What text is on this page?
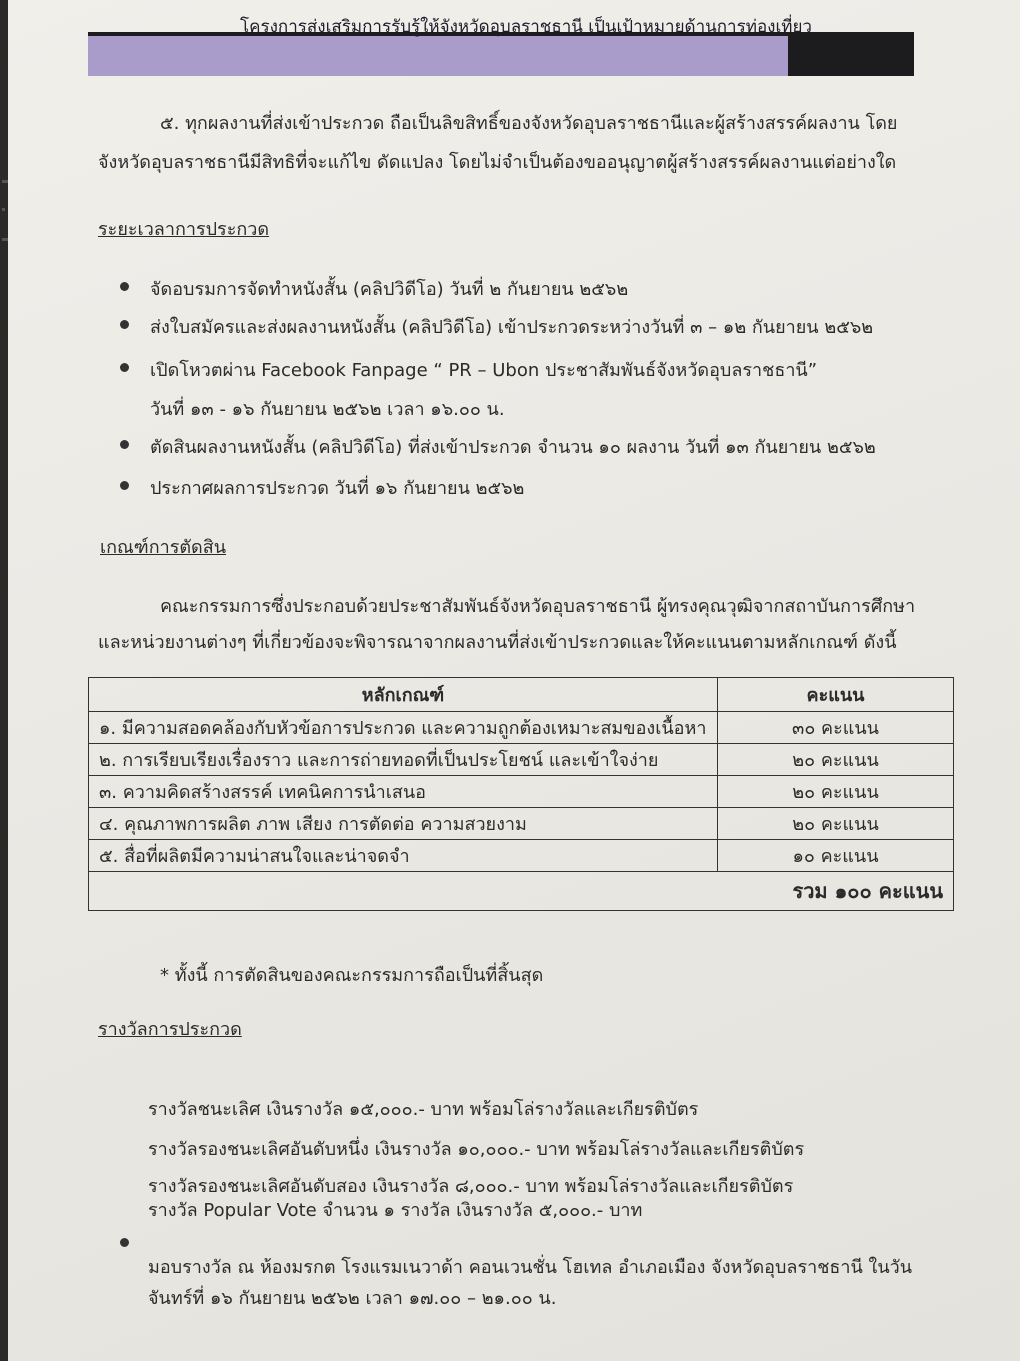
โครงการส่งเสริมการรับรู้ให้จังหวัดอุบลราชธานี เป็นเป้าหมายด้านการท่องเที่ยว
๕. ทุกผลงานที่ส่งเข้าประกวด ถือเป็นลิขสิทธิ์ของจังหวัดอุบลราชธานีและผู้สร้างสรรค์ผลงาน โดย
จังหวัดอุบลราชธานีมีสิทธิที่จะแก้ไข ดัดแปลง โดยไม่จำเป็นต้องขออนุญาตผู้สร้างสรรค์ผลงานแต่อย่างใด
ระยะเวลาการประกวด
จัดอบรมการจัดทำหนังสั้น (คลิปวิดีโอ) วันที่ ๒ กันยายน ๒๕๖๒
ส่งใบสมัครและส่งผลงานหนังสั้น (คลิปวิดีโอ) เข้าประกวดระหว่างวันที่ ๓ – ๑๒ กันยายน ๒๕๖๒
เปิดโหวตผ่าน Facebook Fanpage “ PR – Ubon ประชาสัมพันธ์จังหวัดอุบลราชธานี”
วันที่ ๑๓ - ๑๖ กันยายน ๒๕๖๒ เวลา ๑๖.๐๐ น.
ตัดสินผลงานหนังสั้น (คลิปวิดีโอ) ที่ส่งเข้าประกวด จำนวน ๑๐ ผลงาน วันที่ ๑๓ กันยายน ๒๕๖๒
ประกาศผลการประกวด วันที่ ๑๖ กันยายน ๒๕๖๒
เกณฑ์การตัดสิน
คณะกรรมการซึ่งประกอบด้วยประชาสัมพันธ์จังหวัดอุบลราชธานี ผู้ทรงคุณวุฒิจากสถาบันการศึกษา
และหน่วยงานต่างๆ ที่เกี่ยวข้องจะพิจารณาจากผลงานที่ส่งเข้าประกวดและให้คะแนนตามหลักเกณฑ์ ดังนี้
หลักเกณฑ์	คะแนน
๑. มีความสอดคล้องกับหัวข้อการประกวด และความถูกต้องเหมาะสมของเนื้อหา	๓๐ คะแนน
๒. การเรียบเรียงเรื่องราว และการถ่ายทอดที่เป็นประโยชน์ และเข้าใจง่าย	๒๐ คะแนน
๓. ความคิดสร้างสรรค์ เทคนิคการนำเสนอ	๒๐ คะแนน
๔. คุณภาพการผลิต ภาพ เสียง การตัดต่อ ความสวยงาม	๒๐ คะแนน
๕. สื่อที่ผลิตมีความน่าสนใจและน่าจดจำ	๑๐ คะแนน
รวม ๑๐๐ คะแนน	
* ทั้งนี้ การตัดสินของคณะกรรมการถือเป็นที่สิ้นสุด
รางวัลการประกวด
รางวัลชนะเลิศ เงินรางวัล ๑๕,๐๐๐.- บาท พร้อมโล่รางวัลและเกียรติบัตร
รางวัลรองชนะเลิศอันดับหนึ่ง เงินรางวัล ๑๐,๐๐๐.- บาท พร้อมโล่รางวัลและเกียรติบัตร
รางวัลรองชนะเลิศอันดับสอง เงินรางวัล ๘,๐๐๐.- บาท พร้อมโล่รางวัลและเกียรติบัตร
รางวัล Popular Vote จำนวน ๑ รางวัล เงินรางวัล ๕,๐๐๐.- บาท
มอบรางวัล ณ ห้องมรกต โรงแรมเนวาด้า คอนเวนชั่น โฮเทล อำเภอเมือง จังหวัดอุบลราชธานี ในวัน
จันทร์ที่ ๑๖ กันยายน ๒๕๖๒ เวลา ๑๗.๐๐ – ๒๑.๐๐ น.
